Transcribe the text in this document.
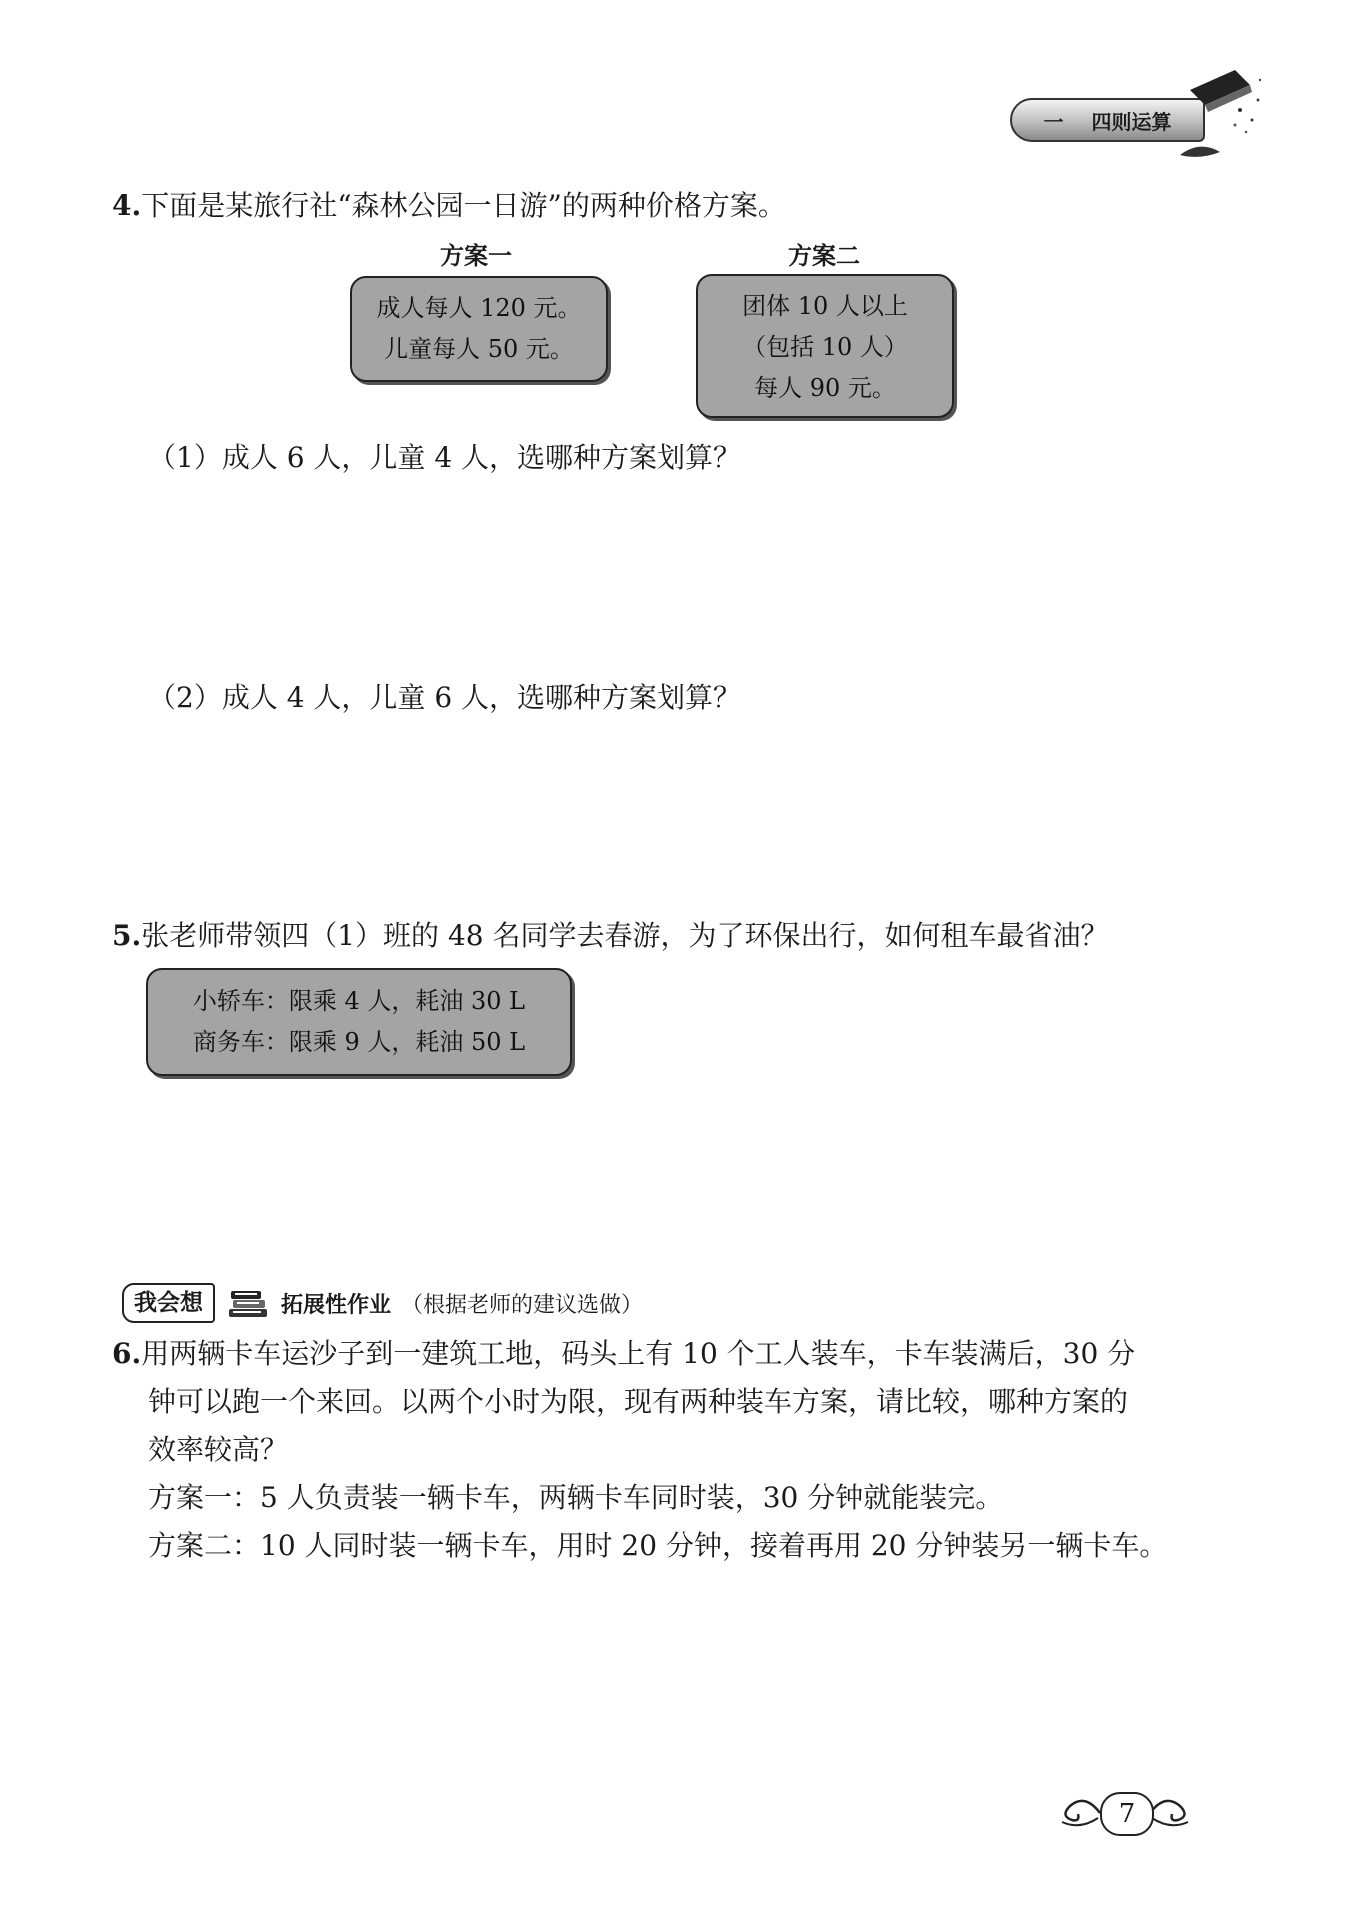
一 四则运算
4.下面是某旅行社“森林公园一日游”的两种价格方案。
方案一	方案二
成人每人 120 元。
儿童每人 50 元。
团体 10 人以上
（包括 10 人）
每人 90 元。
（1）成人 6 人，儿童 4 人，选哪种方案划算？
（2）成人 4 人，儿童 6 人，选哪种方案划算？
5.张老师带领四（1）班的 48 名同学去春游，为了环保出行，如何租车最省油？
小轿车：限乘 4 人，耗油 30 L
商务车：限乘 9 人，耗油 50 L
我会想	拓展性作业 （根据老师的建议选做）
6.用两辆卡车运沙子到一建筑工地，码头上有 10 个工人装车，卡车装满后，30 分
钟可以跑一个来回。以两个小时为限，现有两种装车方案，请比较，哪种方案的
效率较高？
方案一：5 人负责装一辆卡车，两辆卡车同时装，30 分钟就能装完。
方案二：10 人同时装一辆卡车，用时 20 分钟，接着再用 20 分钟装另一辆卡车。
7
